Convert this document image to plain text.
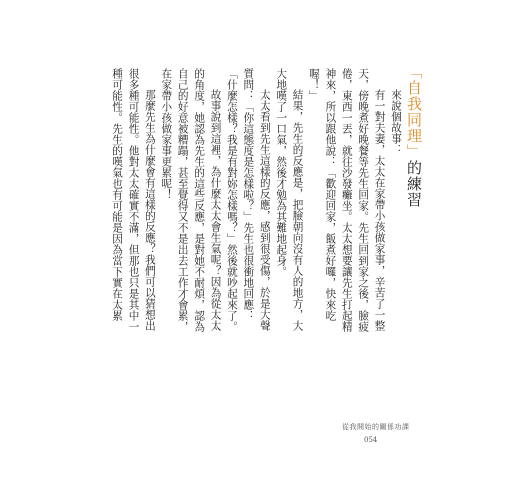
「自我同理」的練習

來說個故事：

有一對夫妻，太太在家帶小孩做家事，辛苦了一整天，傍晚煮好晚餐等先生回家。先生回到家之後，臉疲倦，東西一丟，就往沙發癱坐。太太想要讓先生打起精神來，所以跟他說：「歡迎回家，飯煮好囉，快來吃喔！」

結果，先生的反應是，把臉朝向沒有人的地方，大大地嘆了一口氣，然後才勉為其難地起身。

太太看到先生這樣的反應，感到很受傷，於是大聲質問：「你這態度是怎樣啦？」先生也很衝地回應：「什麼怎樣？我是有對妳怎樣嗎？」然後就吵起來了。

故事說到這裡，為什麼太太會生氣呢？因為從太太的角度，她認為先生的這些反應，是對她不耐煩，認為自己的好意被糟蹋，甚至覺得又不是出去工作才會累，在家帶小孩做家事更累呢！

那麼先生為什麼會有這樣的反應？我們可以猜想出很多種可能性。他對太太確實不滿，但那也只是其中一種可能性。先生的嘆氣也有可能是因為當下實在太累

從我開始的關係功課
054
